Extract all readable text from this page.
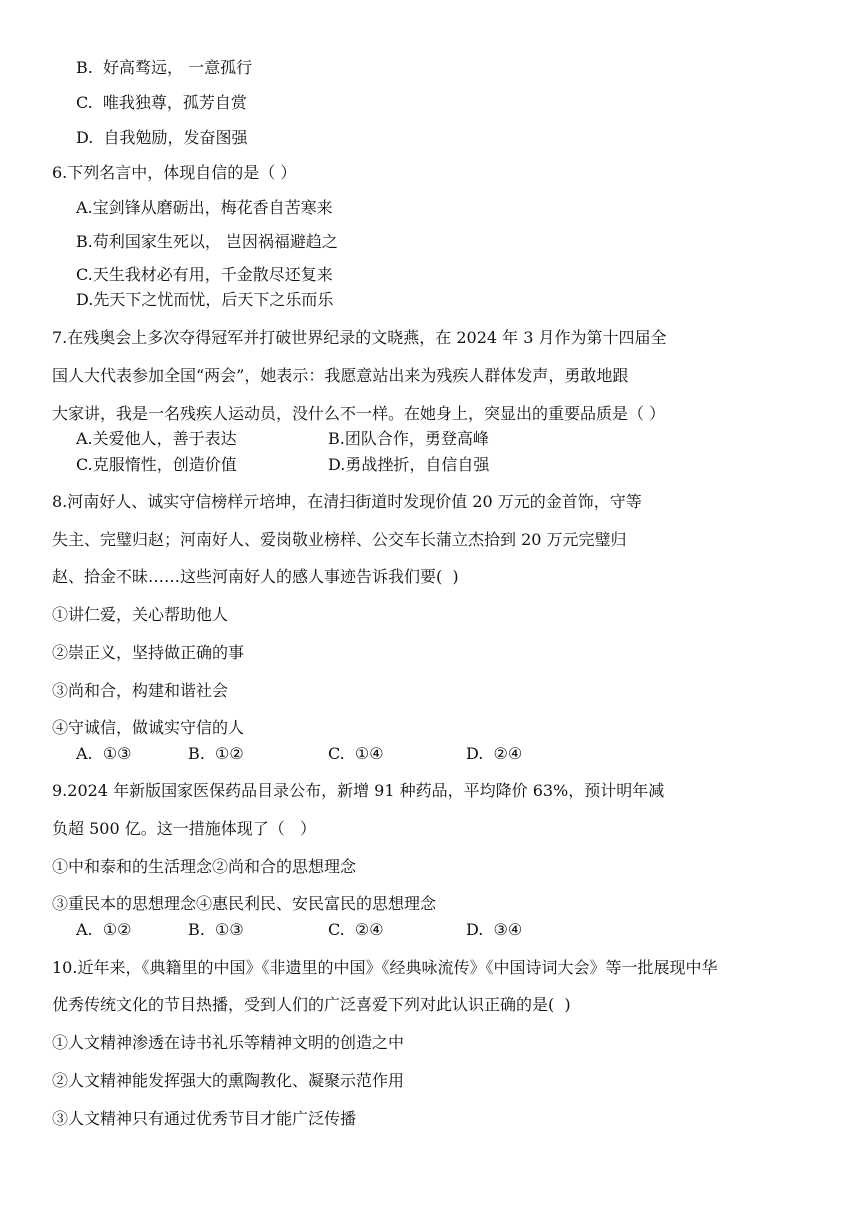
B.  好高骛远， 一意孤行
C.  唯我独尊，孤芳自赏
D.  自我勉励，发奋图强
6.下列名言中，体现自信的是（ ）
A.宝剑锋从磨砺出，梅花香自苦寒来
B.苟利国家生死以， 岂因祸福避趋之
C.天生我材必有用，千金散尽还复来
D.先天下之忧而忧，后天下之乐而乐
7.在残奥会上多次夺得冠军并打破世界纪录的文晓燕，在 2024 年 3 月作为第十四届全
国人大代表参加全国“两会”，她表示：我愿意站出来为残疾人群体发声，勇敢地跟
大家讲，我是一名残疾人运动员，没什么不一样。在她身上，突显出的重要品质是（ ）
A.关爱他人，善于表达	B.团队合作，勇登高峰
C.克服惰性，创造价值	D.勇战挫折，自信自强
8.河南好人、诚实守信榜样亓培坤，在清扫街道时发现价值 20 万元的金首饰，守等
失主、完璧归赵；河南好人、爱岗敬业榜样、公交车长蒲立杰拾到 20 万元完璧归
赵、拾金不昧……这些河南好人的感人事迹告诉我们要(  )
①讲仁爱，关心帮助他人
②崇正义，坚持做正确的事
③尚和合，构建和谐社会
④守诚信，做诚实守信的人
A.  ①③	B.  ①②	C.  ①④	D.  ②④
9.2024 年新版国家医保药品目录公布，新增 91 种药品，平均降价 63%，预计明年减
负超 500 亿。这一措施体现了（   ）
①中和泰和的生活理念②尚和合的思想理念
③重民本的思想理念④惠民利民、安民富民的思想理念
A.  ①②	B.  ①③	C.  ②④	D.  ③④
10.近年来，《典籍里的中国》《非遗里的中国》《经典咏流传》《中国诗词大会》等一批展现中华
优秀传统文化的节目热播，受到人们的广泛喜爱下列对此认识正确的是(  )
①人文精神渗透在诗书礼乐等精神文明的创造之中
②人文精神能发挥强大的熏陶教化、凝聚示范作用
③人文精神只有通过优秀节目才能广泛传播
